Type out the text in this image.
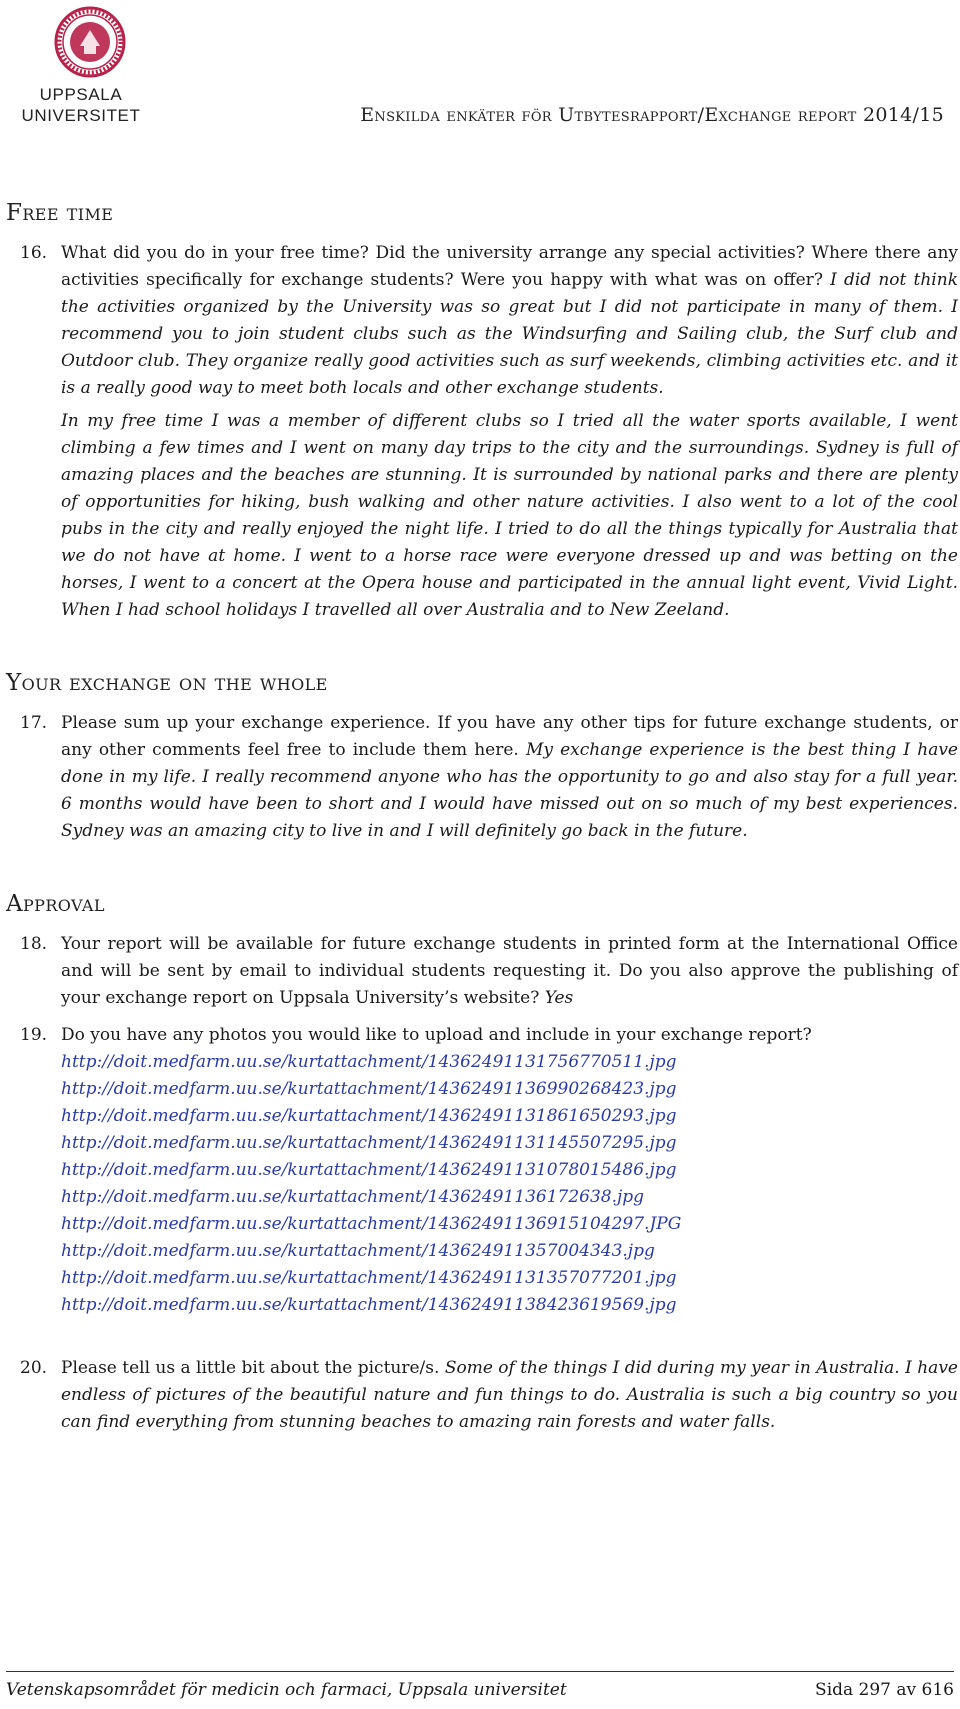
UPPSALA
UNIVERSITET	Enskilda enkäter för Utbytesrapport/Exchange report 2014/15
Free time
16. What did you do in your free time? Did the university arrange any special activities? Where there any activities specifically for exchange students? Were you happy with what was on offer? I did not think the activities organized by the University was so great but I did not participate in many of them. I recommend you to join student clubs such as the Windsurfing and Sailing club, the Surf club and Outdoor club. They organize really good activities such as surf weekends, climbing activities etc. and it is a really good way to meet both locals and other exchange students.
In my free time I was a member of different clubs so I tried all the water sports available, I went climbing a few times and I went on many day trips to the city and the surroundings. Sydney is full of amazing places and the beaches are stunning. It is surrounded by national parks and there are plenty of opportunities for hiking, bush walking and other nature activities. I also went to a lot of the cool pubs in the city and really enjoyed the night life. I tried to do all the things typically for Australia that we do not have at home. I went to a horse race were everyone dressed up and was betting on the horses, I went to a concert at the Opera house and participated in the annual light event, Vivid Light. When I had school holidays I travelled all over Australia and to New Zeeland.
Your exchange on the whole
17. Please sum up your exchange experience. If you have any other tips for future exchange students, or any other comments feel free to include them here. My exchange experience is the best thing I have done in my life. I really recommend anyone who has the opportunity to go and also stay for a full year. 6 months would have been to short and I would have missed out on so much of my best experiences. Sydney was an amazing city to live in and I will definitely go back in the future.
Approval
18. Your report will be available for future exchange students in printed form at the International Office and will be sent by email to individual students requesting it. Do you also approve the publishing of your exchange report on Uppsala University’s website? Yes
19. Do you have any photos you would like to upload and include in your exchange report?
http://doit.medfarm.uu.se/kurtattachment/14362491131756770511.jpg
http://doit.medfarm.uu.se/kurtattachment/14362491136990268423.jpg
http://doit.medfarm.uu.se/kurtattachment/14362491131861650293.jpg
http://doit.medfarm.uu.se/kurtattachment/14362491131145507295.jpg
http://doit.medfarm.uu.se/kurtattachment/14362491131078015486.jpg
http://doit.medfarm.uu.se/kurtattachment/14362491136172638.jpg
http://doit.medfarm.uu.se/kurtattachment/14362491136915104297.JPG
http://doit.medfarm.uu.se/kurtattachment/143624911357004343.jpg
http://doit.medfarm.uu.se/kurtattachment/14362491131357077201.jpg
http://doit.medfarm.uu.se/kurtattachment/14362491138423619569.jpg
20. Please tell us a little bit about the picture/s. Some of the things I did during my year in Australia. I have endless of pictures of the beautiful nature and fun things to do. Australia is such a big country so you can find everything from stunning beaches to amazing rain forests and water falls.
Vetenskapsområdet för medicin och farmaci, Uppsala universitet	Sida 297 av 616
